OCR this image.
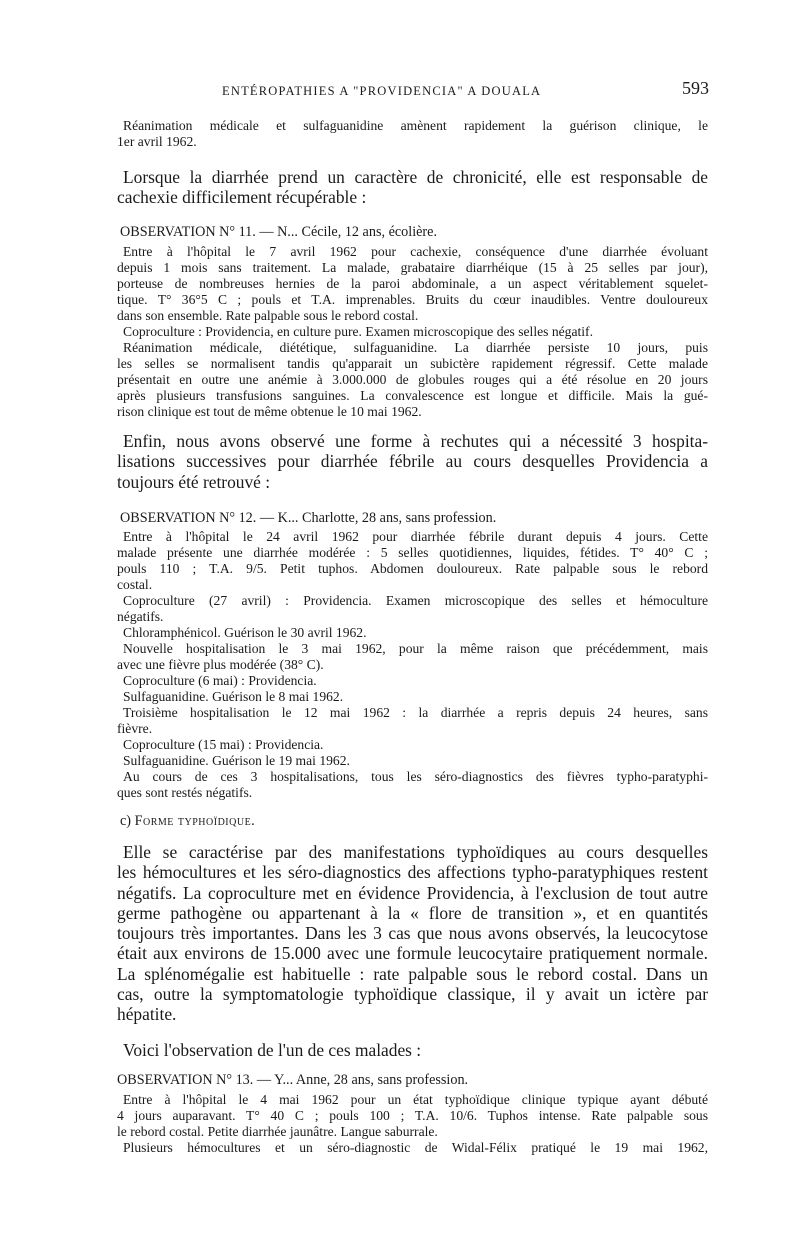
ENTÉROPATHIES A "PROVIDENCIA" A DOUALA	593
Réanimation médicale et sulfaguanidine amènent rapidement la guérison clinique, le
1er avril 1962.
Lorsque la diarrhée prend un caractère de chronicité, elle est responsable de
cachexie difficilement récupérable :
OBSERVATION N° 11. — N... Cécile, 12 ans, écolière.
Entre à l'hôpital le 7 avril 1962 pour cachexie, conséquence d'une diarrhée évoluant
depuis 1 mois sans traitement. La malade, grabataire diarrhéique (15 à 25 selles par jour),
porteuse de nombreuses hernies de la paroi abdominale, a un aspect véritablement squelet-
tique. T° 36°5 C ; pouls et T.A. imprenables. Bruits du cœur inaudibles. Ventre douloureux
dans son ensemble. Rate palpable sous le rebord costal.
Coproculture : Providencia, en culture pure. Examen microscopique des selles négatif.
Réanimation médicale, diététique, sulfaguanidine. La diarrhée persiste 10 jours, puis
les selles se normalisent tandis qu'apparait un subictère rapidement régressif. Cette malade
présentait en outre une anémie à 3.000.000 de globules rouges qui a été résolue en 20 jours
après plusieurs transfusions sanguines. La convalescence est longue et difficile. Mais la gué-
rison clinique est tout de même obtenue le 10 mai 1962.
Enfin, nous avons observé une forme à rechutes qui a nécessité 3 hospita-
lisations successives pour diarrhée fébrile au cours desquelles Providencia a
toujours été retrouvé :
OBSERVATION N° 12. — K... Charlotte, 28 ans, sans profession.
Entre à l'hôpital le 24 avril 1962 pour diarrhée fébrile durant depuis 4 jours. Cette
malade présente une diarrhée modérée : 5 selles quotidiennes, liquides, fétides. T° 40° C ;
pouls 110 ; T.A. 9/5. Petit tuphos. Abdomen douloureux. Rate palpable sous le rebord
costal.
Coproculture (27 avril) : Providencia. Examen microscopique des selles et hémoculture
négatifs.
Chloramphénicol. Guérison le 30 avril 1962.
Nouvelle hospitalisation le 3 mai 1962, pour la même raison que précédemment, mais
avec une fièvre plus modérée (38° C).
Coproculture (6 mai) : Providencia.
Sulfaguanidine. Guérison le 8 mai 1962.
Troisième hospitalisation le 12 mai 1962 : la diarrhée a repris depuis 24 heures, sans
fièvre.
Coproculture (15 mai) : Providencia.
Sulfaguanidine. Guérison le 19 mai 1962.
Au cours de ces 3 hospitalisations, tous les séro-diagnostics des fièvres typho-paratyphi-
ques sont restés négatifs.
c) Forme typhoïdique.
Elle se caractérise par des manifestations typhoïdiques au cours desquelles
les hémocultures et les séro-diagnostics des affections typho-paratyphiques restent
négatifs. La coproculture met en évidence Providencia, à l'exclusion de tout autre
germe pathogène ou appartenant à la « flore de transition », et en quantités
toujours très importantes. Dans les 3 cas que nous avons observés, la leucocytose
était aux environs de 15.000 avec une formule leucocytaire pratiquement normale.
La splénomégalie est habituelle : rate palpable sous le rebord costal. Dans un
cas, outre la symptomatologie typhoïdique classique, il y avait un ictère par
hépatite.
Voici l'observation de l'un de ces malades :
OBSERVATION N° 13. — Y... Anne, 28 ans, sans profession.
Entre à l'hôpital le 4 mai 1962 pour un état typhoïdique clinique typique ayant débuté
4 jours auparavant. T° 40 C ; pouls 100 ; T.A. 10/6. Tuphos intense. Rate palpable sous
le rebord costal. Petite diarrhée jaunâtre. Langue saburrale.
Plusieurs hémocultures et un séro-diagnostic de Widal-Félix pratiqué le 19 mai 1962,
